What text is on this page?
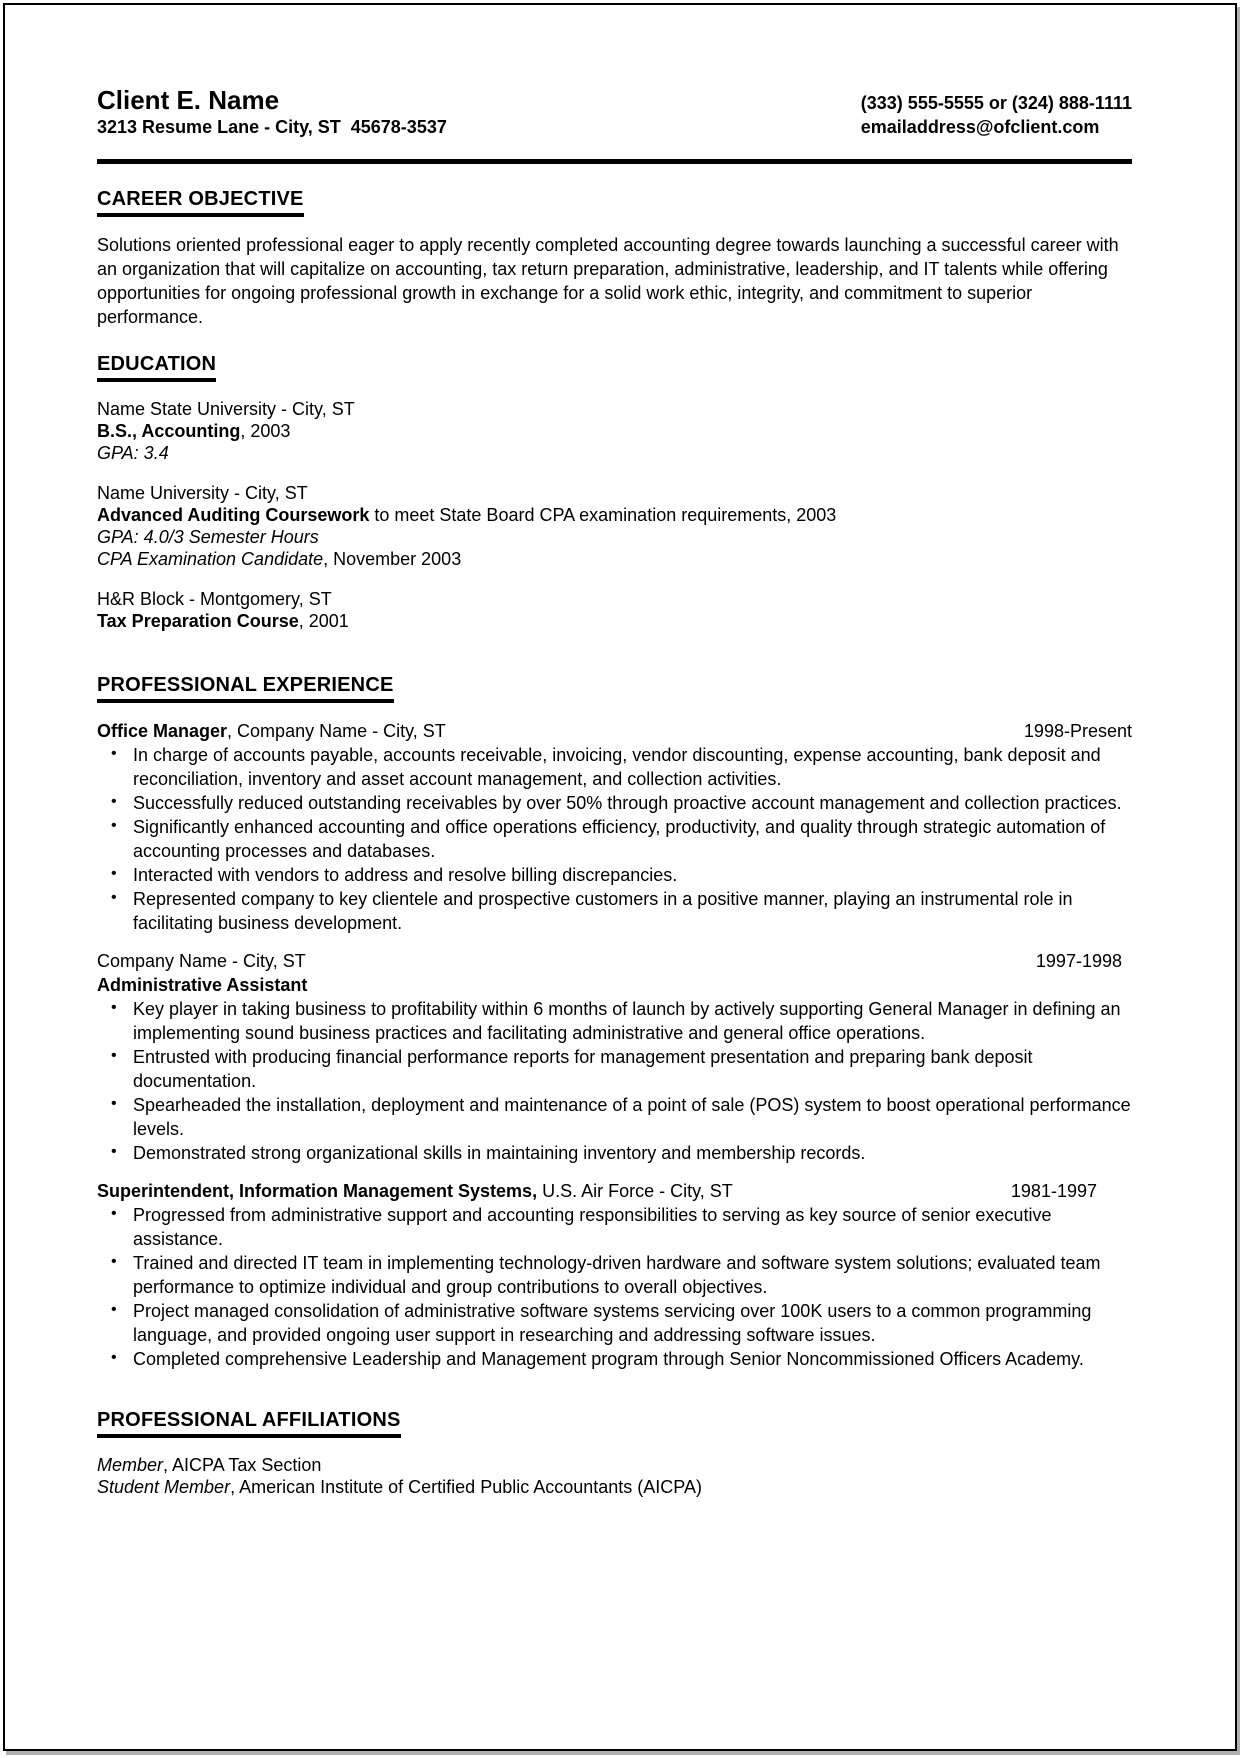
Client E. Name
3213 Resume Lane - City, ST  45678-3537
(333) 555-5555 or (324) 888-1111
emailaddress@ofclient.com
CAREER OBJECTIVE

Solutions oriented professional eager to apply recently completed accounting degree towards launching a successful career with an organization that will capitalize on accounting, tax return preparation, administrative, leadership, and IT talents while offering opportunities for ongoing professional growth in exchange for a solid work ethic, integrity, and commitment to superior performance.

EDUCATION
Name State University - City, ST
B.S., Accounting, 2003
GPA: 3.4
Name University - City, ST
Advanced Auditing Coursework to meet State Board CPA examination requirements, 2003
GPA: 4.0/3 Semester Hours
CPA Examination Candidate, November 2003
H&R Block - Montgomery, ST
Tax Preparation Course, 2001
PROFESSIONAL EXPERIENCE
Office Manager, Company Name - City, ST	1998-Present
• In charge of accounts payable, accounts receivable, invoicing, vendor discounting, expense accounting, bank deposit and reconciliation, inventory and asset account management, and collection activities.
• Successfully reduced outstanding receivables by over 50% through proactive account management and collection practices.
• Significantly enhanced accounting and office operations efficiency, productivity, and quality through strategic automation of accounting processes and databases.
• Interacted with vendors to address and resolve billing discrepancies.
• Represented company to key clientele and prospective customers in a positive manner, playing an instrumental role in facilitating business development.
Company Name - City, ST	1997-1998
Administrative Assistant
• Key player in taking business to profitability within 6 months of launch by actively supporting General Manager in defining an implementing sound business practices and facilitating administrative and general office operations.
• Entrusted with producing financial performance reports for management presentation and preparing bank deposit documentation.
• Spearheaded the installation, deployment and maintenance of a point of sale (POS) system to boost operational performance levels.
• Demonstrated strong organizational skills in maintaining inventory and membership records.
Superintendent, Information Management Systems, U.S. Air Force - City, ST	1981-1997
• Progressed from administrative support and accounting responsibilities to serving as key source of senior executive assistance.
• Trained and directed IT team in implementing technology-driven hardware and software system solutions; evaluated team performance to optimize individual and group contributions to overall objectives.
• Project managed consolidation of administrative software systems servicing over 100K users to a common programming language, and provided ongoing user support in researching and addressing software issues.
• Completed comprehensive Leadership and Management program through Senior Noncommissioned Officers Academy.
PROFESSIONAL AFFILIATIONS
Member, AICPA Tax Section
Student Member, American Institute of Certified Public Accountants (AICPA)
